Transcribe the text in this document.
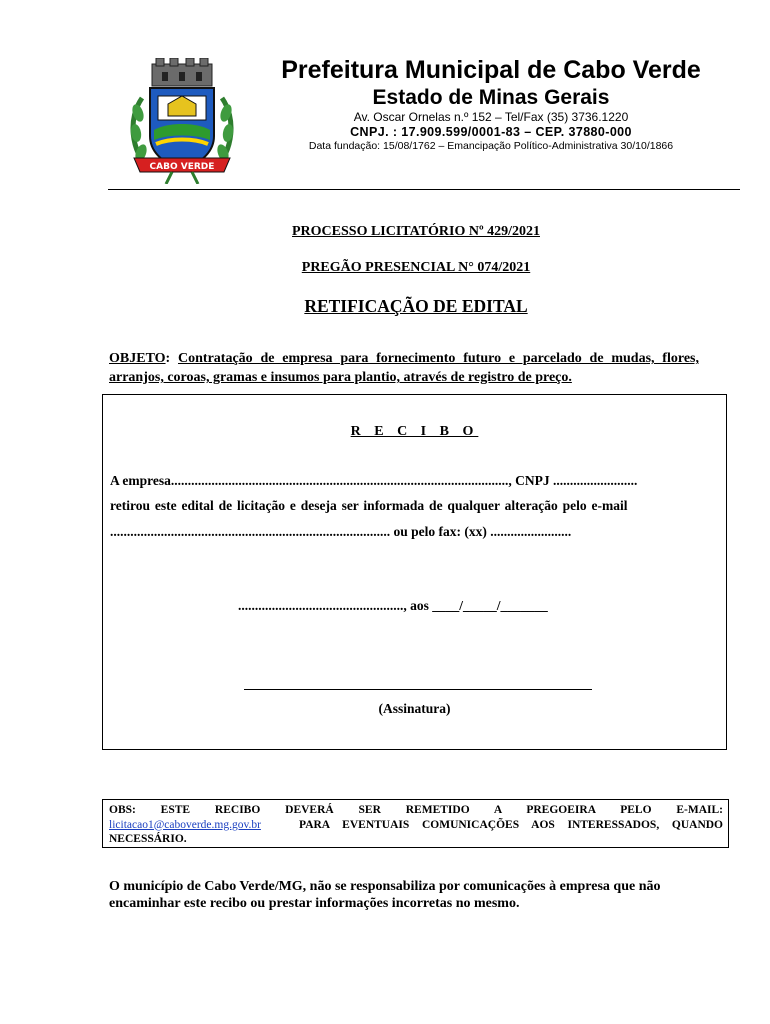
CABO VERDE
Prefeitura Municipal de Cabo Verde
Estado de Minas Gerais
Av. Oscar Ornelas n.º 152 – Tel/Fax (35) 3736.1220
CNPJ. : 17.909.599/0001-83 – CEP. 37880-000
Data fundação: 15/08/1762 – Emancipação Político-Administrativa 30/10/1866
PROCESSO LICITATÓRIO Nº 429/2021
PREGÃO PRESENCIAL N° 074/2021
RETIFICAÇÃO DE EDITAL
OBJETO: Contratação de empresa para fornecimento futuro e parcelado de mudas, flores, arranjos, coroas, gramas e insumos para plantio, através de registro de preço.
R E C I B O
A empresa...................................................................................................., CNPJ .........................
retirou este edital de licitação e deseja ser informada de qualquer alteração pelo e-mail
................................................................................... ou pelo fax: (xx) ........................
................................................., aos ____/_____/_______
(Assinatura)
OBS: ESTE RECIBO DEVERÁ SER REMETIDO A PREGOEIRA PELO E-MAIL:
licitacao1@caboverde.mg.gov.br	PARA EVENTUAIS COMUNICAÇÕES AOS INTERESSADOS, QUANDO NECESSÁRIO.
O município de Cabo Verde/MG, não se responsabiliza por comunicações à empresa que não encaminhar este recibo ou prestar informações incorretas no mesmo.
